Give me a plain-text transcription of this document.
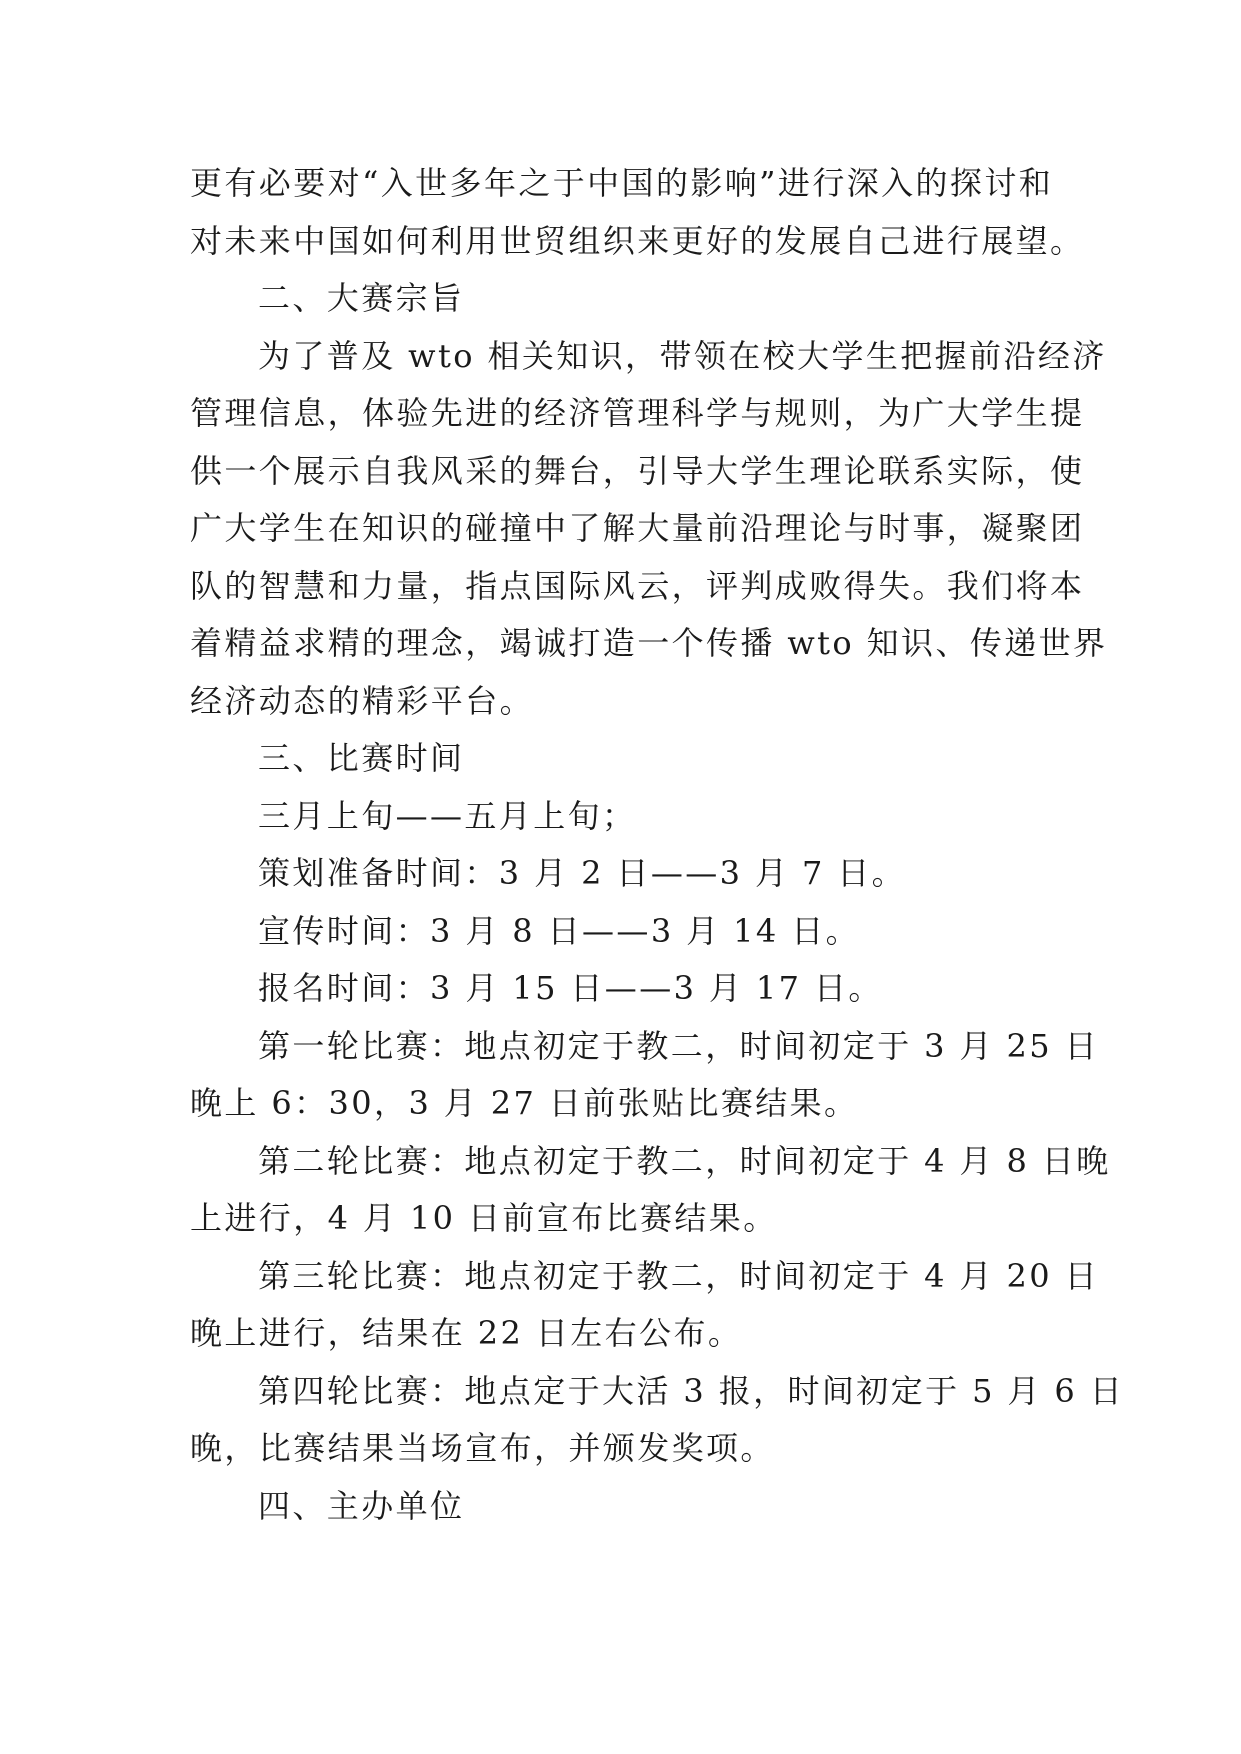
更有必要对“入世多年之于中国的影响”进行深入的探讨和

对未来中国如何利用世贸组织来更好的发展自己进行展望。

二、大赛宗旨

为了普及 wto 相关知识，带领在校大学生把握前沿经济

管理信息，体验先进的经济管理科学与规则，为广大学生提

供一个展示自我风采的舞台，引导大学生理论联系实际，使

广大学生在知识的碰撞中了解大量前沿理论与时事，凝聚团

队的智慧和力量，指点国际风云，评判成败得失。我们将本

着精益求精的理念，竭诚打造一个传播 wto 知识、传递世界

经济动态的精彩平台。

三、比赛时间

三月上旬——五月上旬；

策划准备时间：3 月 2 日——3 月 7 日。

宣传时间：3 月 8 日——3 月 14 日。

报名时间：3 月 15 日——3 月 17 日。

第一轮比赛：地点初定于教二，时间初定于 3 月 25 日

晚上 6：30，3 月 27 日前张贴比赛结果。

第二轮比赛：地点初定于教二，时间初定于 4 月 8 日晚

上进行，4 月 10 日前宣布比赛结果。

第三轮比赛：地点初定于教二，时间初定于 4 月 20 日

晚上进行，结果在 22 日左右公布。

第四轮比赛：地点定于大活 3 报，时间初定于 5 月 6 日

晚，比赛结果当场宣布，并颁发奖项。

四、主办单位
